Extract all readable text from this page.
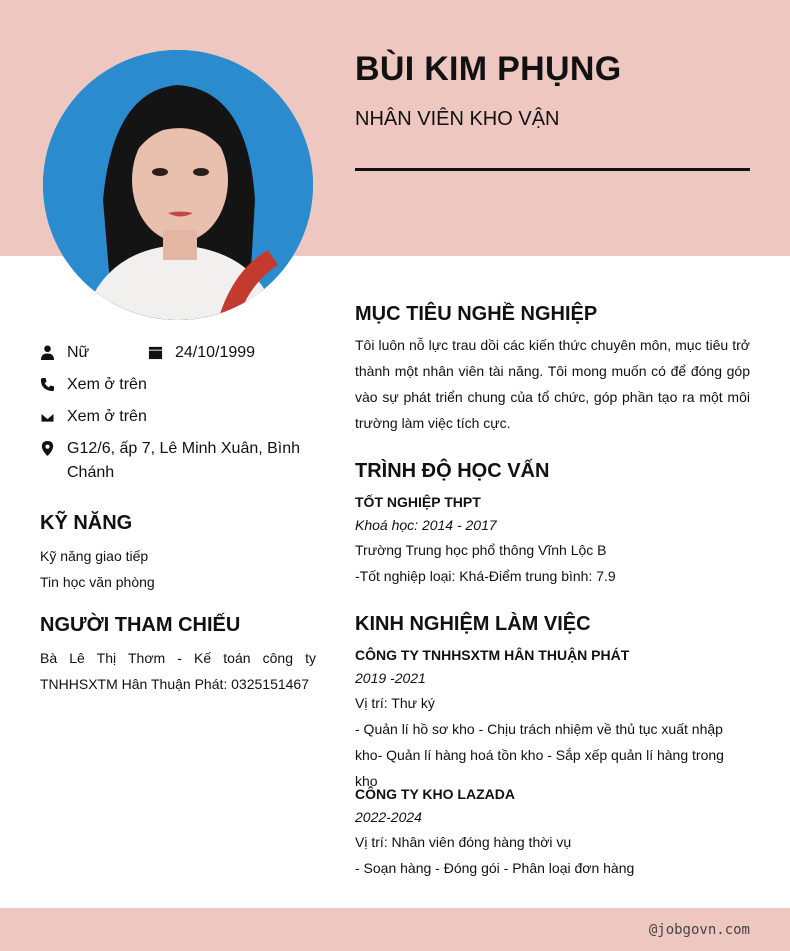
BÙI KIM PHỤNG
NHÂN VIÊN KHO VẬN
Nữ	24/10/1999
Xem ở trên
Xem ở trên
G12/6, ấp 7, Lê Minh Xuân, Bình Chánh
KỸ NĂNG
Kỹ năng giao tiếp
Tin học văn phòng
NGƯỜI THAM CHIẾU
Bà Lê Thị Thơm - Kế toán công ty TNHHSXTM Hân Thuận Phát: 0325151467
MỤC TIÊU NGHỀ NGHIỆP
Tôi luôn nỗ lực trau dồi các kiến thức chuyên môn, mục tiêu trở thành một nhân viên tài năng. Tôi mong muốn có để đóng góp vào sự phát triển chung của tổ chức, góp phần tạo ra một môi trường làm việc tích cực.
TRÌNH ĐỘ HỌC VẤN
TỐT NGHIỆP THPT
Khoá học: 2014 - 2017
Trường Trung học phổ thông Vĩnh Lộc B
-Tốt nghiệp loại: Khá-Điểm trung bình: 7.9
KINH NGHIỆM LÀM VIỆC
CÔNG TY TNHHSXTM HÂN THUẬN PHÁT
2019 -2021
Vị trí: Thư ký
- Quản lí hồ sơ kho - Chịu trách nhiệm về thủ tục xuất nhập kho- Quản lí hàng hoá tồn kho - Sắp xếp quản lí hàng trong kho
CÔNG TY KHO LAZADA
2022-2024
Vị trí: Nhân viên đóng hàng thời vụ
- Soạn hàng - Đóng gói - Phân loại đơn hàng
@jobgovn.com
